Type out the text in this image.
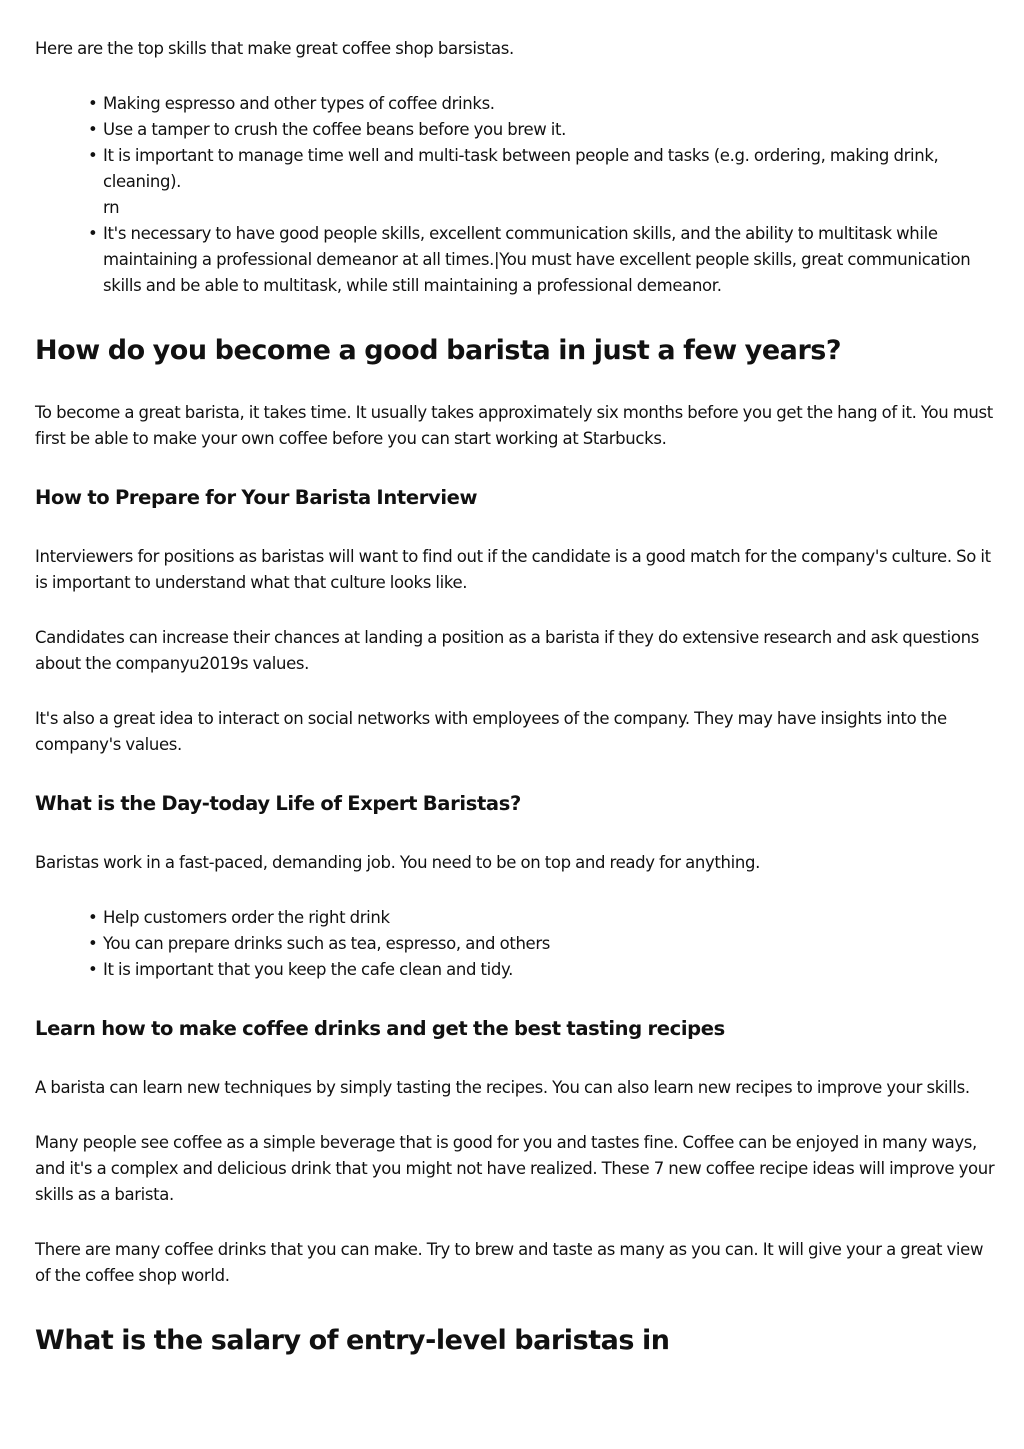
Here are the top skills that make great coffee shop barsistas.

• Making espresso and other types of coffee drinks.
• Use a tamper to crush the coffee beans before you brew it.
• It is important to manage time well and multi-task between people and tasks (e.g. ordering, making drink, cleaning).
rn
• It's necessary to have good people skills, excellent communication skills, and the ability to multitask while maintaining a professional demeanor at all times.|You must have excellent people skills, great communication skills and be able to multitask, while still maintaining a professional demeanor.
How do you become a good barista in just a few years?

To become a great barista, it takes time. It usually takes approximately six months before you get the hang of it. You must first be able to make your own coffee before you can start working at Starbucks.

How to Prepare for Your Barista Interview

Interviewers for positions as baristas will want to find out if the candidate is a good match for the company's culture. So it is important to understand what that culture looks like.

Candidates can increase their chances at landing a position as a barista if they do extensive research and ask questions about the companyu2019s values.

It's also a great idea to interact on social networks with employees of the company. They may have insights into the company's values.

What is the Day-today Life of Expert Baristas?

Baristas work in a fast-paced, demanding job. You need to be on top and ready for anything.

• Help customers order the right drink
• You can prepare drinks such as tea, espresso, and others
• It is important that you keep the cafe clean and tidy.
Learn how to make coffee drinks and get the best tasting recipes

A barista can learn new techniques by simply tasting the recipes. You can also learn new recipes to improve your skills.

Many people see coffee as a simple beverage that is good for you and tastes fine. Coffee can be enjoyed in many ways, and it's a complex and delicious drink that you might not have realized. These 7 new coffee recipe ideas will improve your skills as a barista.

There are many coffee drinks that you can make. Try to brew and taste as many as you can. It will give your a great view of the coffee shop world.

What is the salary of entry-level baristas in
